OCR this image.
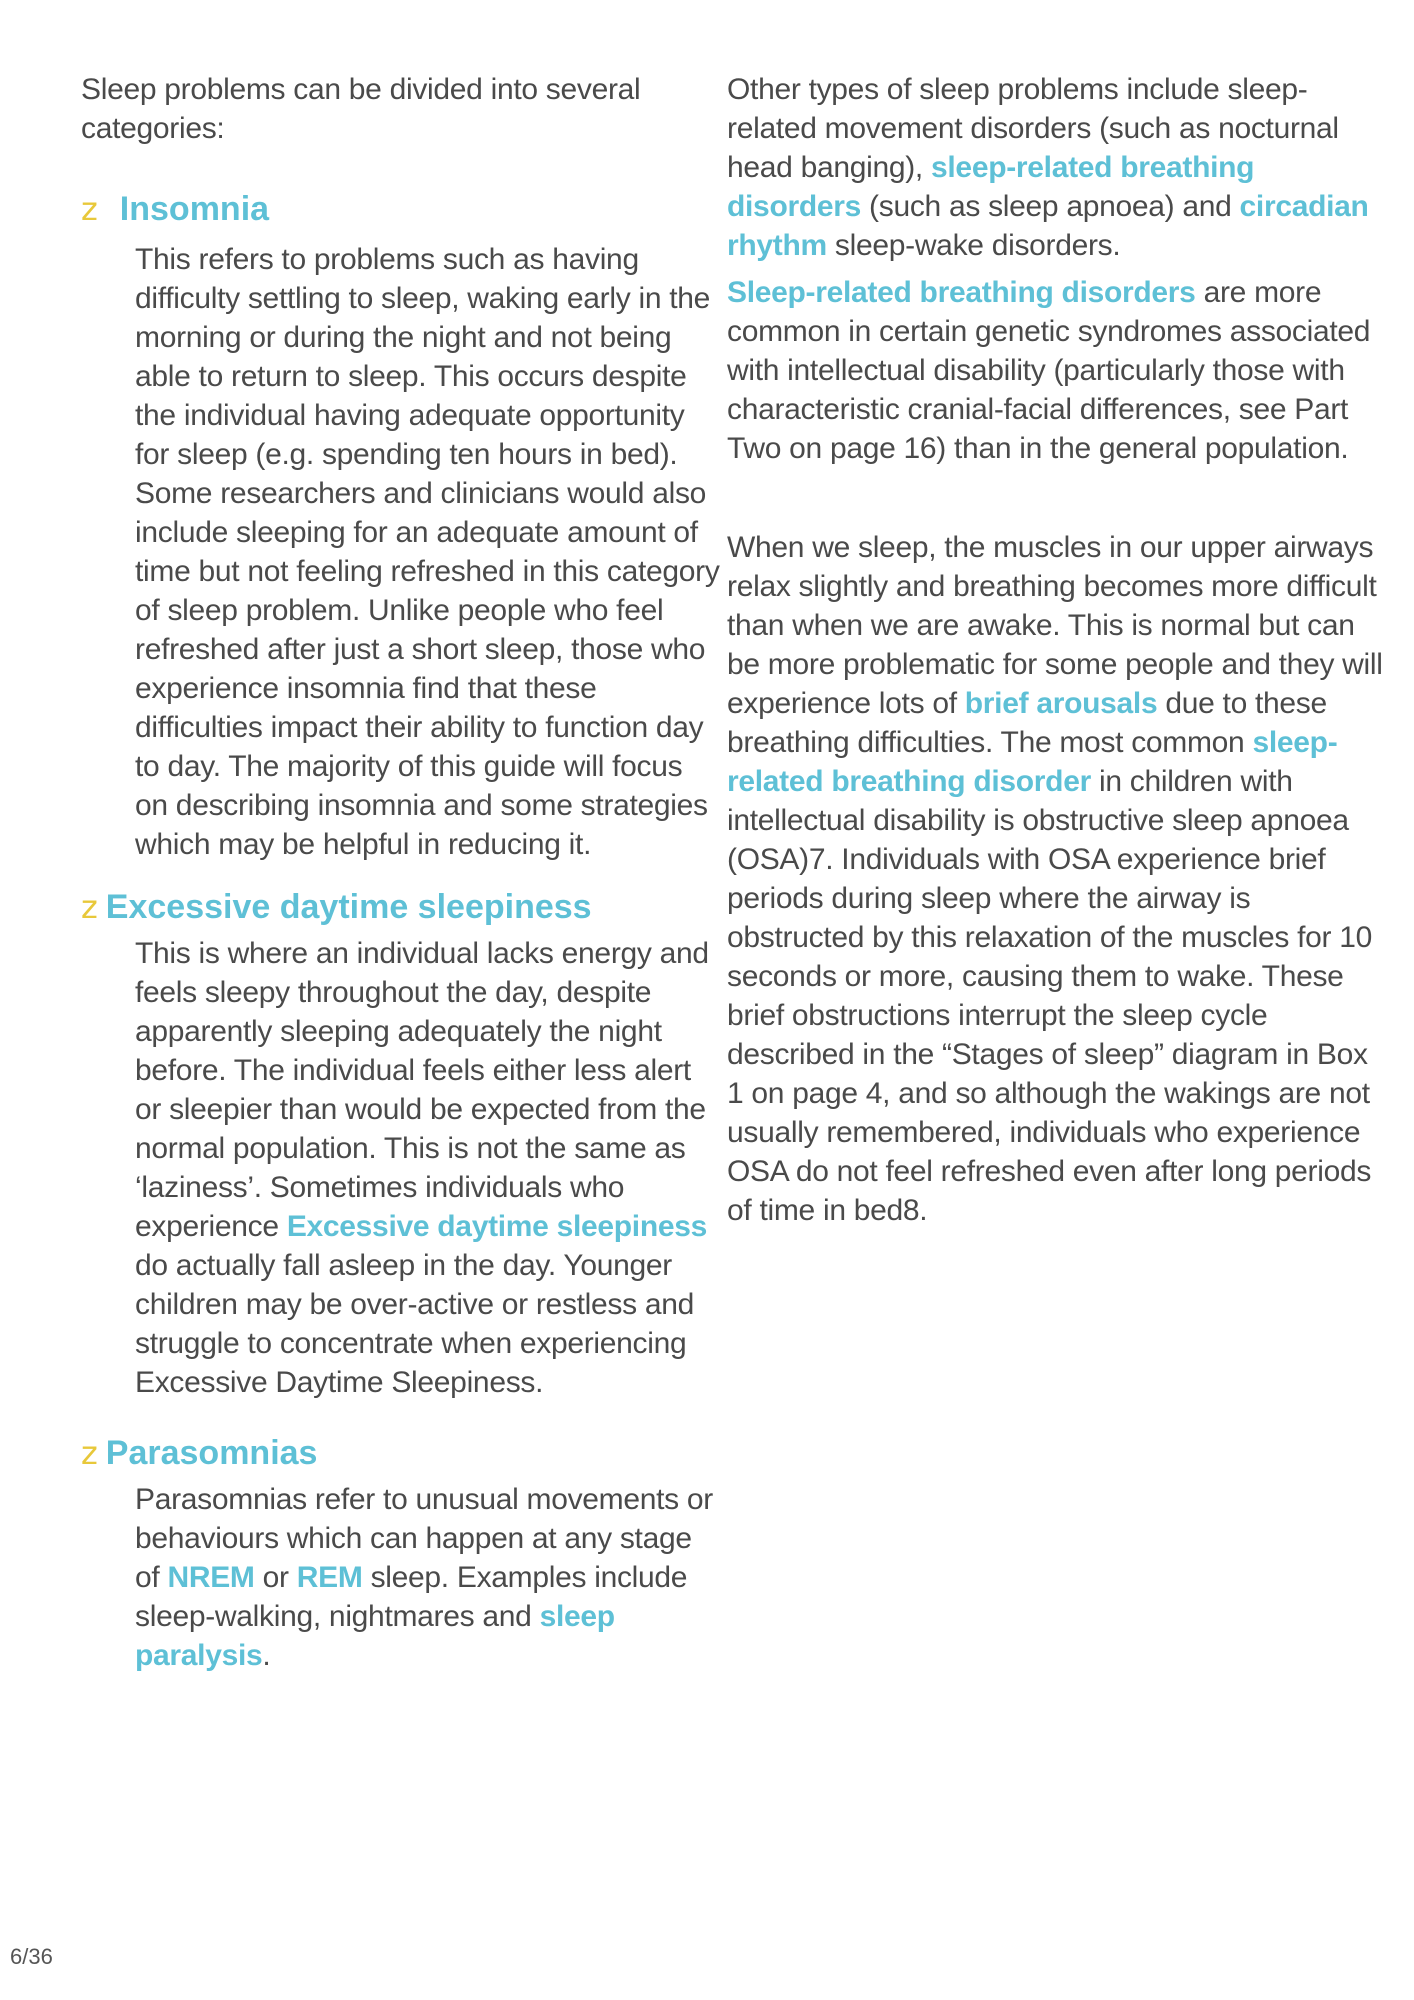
Sleep problems can be divided into several categories:

z Insomnia

This refers to problems such as having difficulty settling to sleep, waking early in the morning or during the night and not being able to return to sleep. This occurs despite the individual having adequate opportunity for sleep (e.g. spending ten hours in bed). Some researchers and clinicians would also include sleeping for an adequate amount of time but not feeling refreshed in this category of sleep problem. Unlike people who feel refreshed after just a short sleep, those who experience insomnia find that these difficulties impact their ability to function day to day. The majority of this guide will focus on describing insomnia and some strategies which may be helpful in reducing it.

z Excessive daytime sleepiness

This is where an individual lacks energy and feels sleepy throughout the day, despite apparently sleeping adequately the night before. The individual feels either less alert or sleepier than would be expected from the normal population. This is not the same as ‘laziness’. Sometimes individuals who experience Excessive daytime sleepiness do actually fall asleep in the day. Younger children may be over-active or restless and struggle to concentrate when experiencing Excessive Daytime Sleepiness.

z Parasomnias

Parasomnias refer to unusual movements or behaviours which can happen at any stage of NREM or REM sleep. Examples include sleep-walking, nightmares and sleep paralysis.

Other types of sleep problems include sleep-related movement disorders (such as nocturnal head banging), sleep-related breathing disorders (such as sleep apnoea) and circadian rhythm sleep-wake disorders.

Sleep-related breathing disorders are more common in certain genetic syndromes associated with intellectual disability (particularly those with characteristic cranial-facial differences, see Part Two on page 16) than in the general population.

When we sleep, the muscles in our upper airways relax slightly and breathing becomes more difficult than when we are awake. This is normal but can be more problematic for some people and they will experience lots of brief arousals due to these breathing difficulties. The most common sleep-related breathing disorder in children with intellectual disability is obstructive sleep apnoea (OSA)7. Individuals with OSA experience brief periods during sleep where the airway is obstructed by this relaxation of the muscles for 10 seconds or more, causing them to wake. These brief obstructions interrupt the sleep cycle described in the “Stages of sleep” diagram in Box 1 on page 4, and so although the wakings are not usually remembered, individuals who experience OSA do not feel refreshed even after long periods of time in bed8.

6/36
